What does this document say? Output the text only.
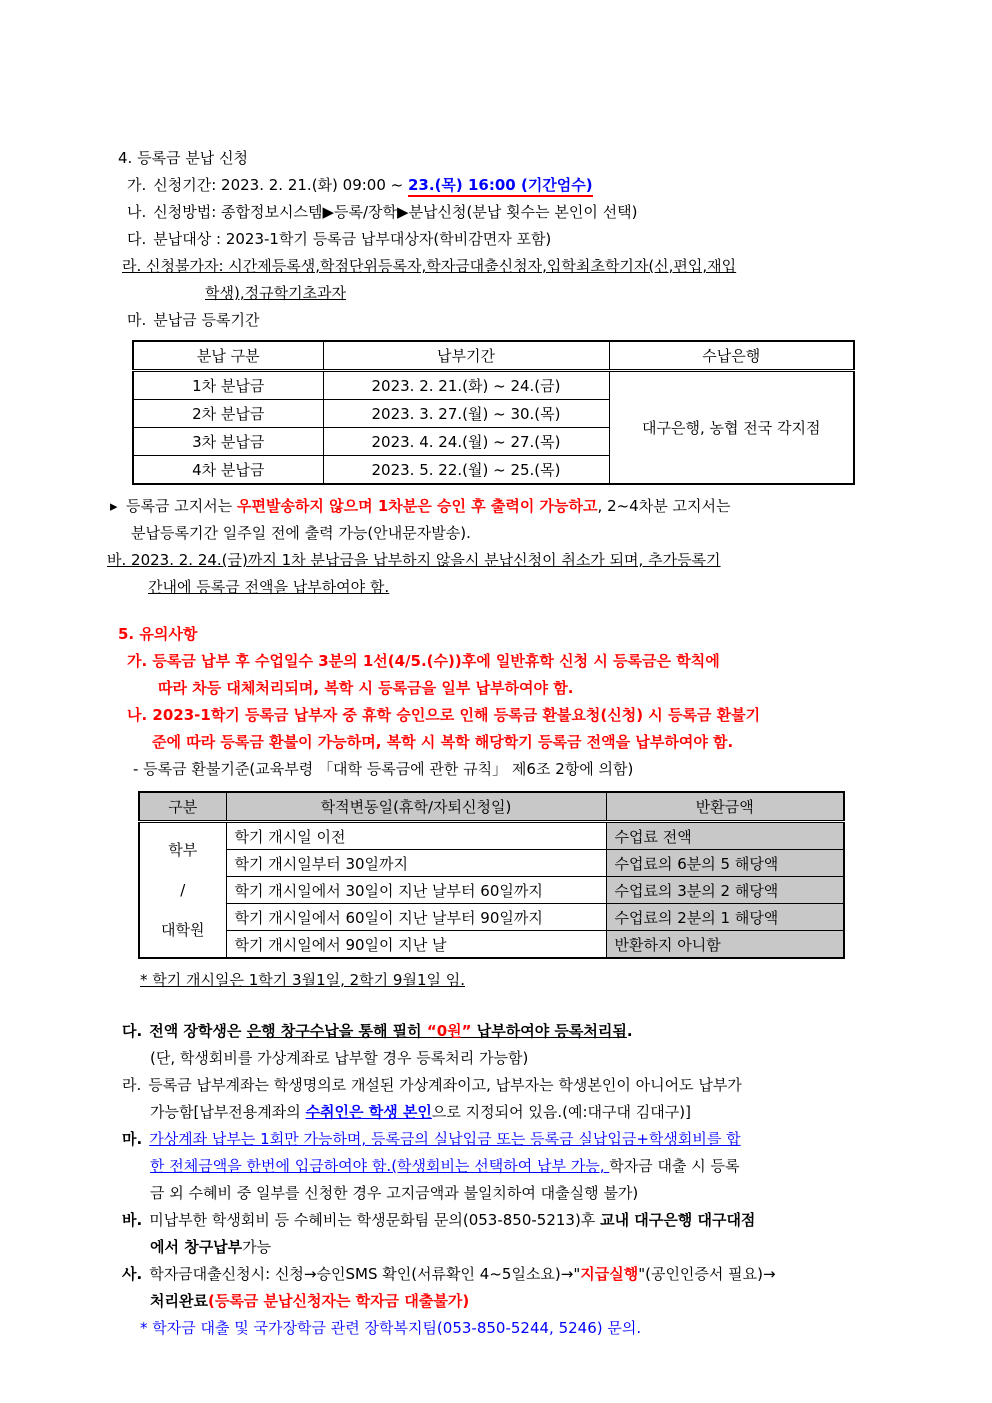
4. 등록금 분납 신청
가. 신청기간: 2023. 2. 21.(화) 09:00 ~ 23.(목) 16:00 (기간엄수)
나. 신청방법: 종합정보시스템▶등록/장학▶분납신청(분납 횟수는 본인이 선택)
다. 분납대상 : 2023-1학기 등록금 납부대상자(학비감면자 포함)
라. 신청불가자: 시간제등록생,학점단위등록자,학자금대출신청자,입학최초학기자(신,편입,재입
학생),정규학기초과자
마. 분납금 등록기간
분납 구분	납부기간	수납은행
1차 분납금	2023. 2. 21.(화) ~ 24.(금)	대구은행, 농협 전국 각지점
2차 분납금	2023. 3. 27.(월) ~ 30.(목)	
3차 분납금	2023. 4. 24.(월) ~ 27.(목)	
4차 분납금	2023. 5. 22.(월) ~ 25.(목)	
▸ 등록금 고지서는 우편발송하지 않으며 1차분은 승인 후 출력이 가능하고, 2~4차분 고지서는
분납등록기간 일주일 전에 출력 가능(안내문자발송).
바. 2023. 2. 24.(금)까지 1차 분납금을 납부하지 않을시 분납신청이 취소가 되며, 추가등록기
간내에 등록금 전액을 납부하여야 함.
5. 유의사항
가. 등록금 납부 후 수업일수 3분의 1선(4/5.(수))후에 일반휴학 신청 시 등록금은 학칙에
따라 차등 대체처리되며, 복학 시 등록금을 일부 납부하여야 함.
나. 2023-1학기 등록금 납부자 중 휴학 승인으로 인해 등록금 환불요청(신청) 시 등록금 환불기
준에 따라 등록금 환불이 가능하며, 복학 시 복학 해당학기 등록금 전액을 납부하여야 함.
- 등록금 환불기준(교육부령 「대학 등록금에 관한 규칙」 제6조 2항에 의함)
구분	학적변동일(휴학/자퇴신청일)	반환금액

학부
/
대학원	학기 개시일 이전	수업료 전액
	학기 개시일부터 30일까지	수업료의 6분의 5 해당액
	학기 개시일에서 30일이 지난 날부터 60일까지	수업료의 3분의 2 해당액
	학기 개시일에서 60일이 지난 날부터 90일까지	수업료의 2분의 1 해당액
	학기 개시일에서 90일이 지난 날	반환하지 아니함
* 학기 개시일은 1학기 3월1일, 2학기 9월1일 임.
다. 전액 장학생은 은행 창구수납을 통해 필히 “0원” 납부하여야 등록처리됨.
(단, 학생회비를 가상계좌로 납부할 경우 등록처리 가능함)
라. 등록금 납부계좌는 학생명의로 개설된 가상계좌이고, 납부자는 학생본인이 아니어도 납부가
가능함[납부전용계좌의 수취인은 학생 본인으로 지정되어 있음.(예:대구대 김대구)]
마. 가상계좌 납부는 1회만 가능하며, 등록금의 실납입금 또는 등록금 실납입금+학생회비를 합
한 전체금액을 한번에 입금하여야 함.(학생회비는 선택하여 납부 가능, 학자금 대출 시 등록
금 외 수혜비 중 일부를 신청한 경우 고지금액과 불일치하여 대출실행 불가)
바. 미납부한 학생회비 등 수혜비는 학생문화팀 문의(053-850-5213)후 교내 대구은행 대구대점
에서 창구납부가능
사. 학자금대출신청시: 신청→승인SMS 확인(서류확인 4~5일소요)→"지급실행"(공인인증서 필요)→
처리완료(등록금 분납신청자는 학자금 대출불가)
* 학자금 대출 및 국가장학금 관련 장학복지팀(053-850-5244, 5246) 문의.
